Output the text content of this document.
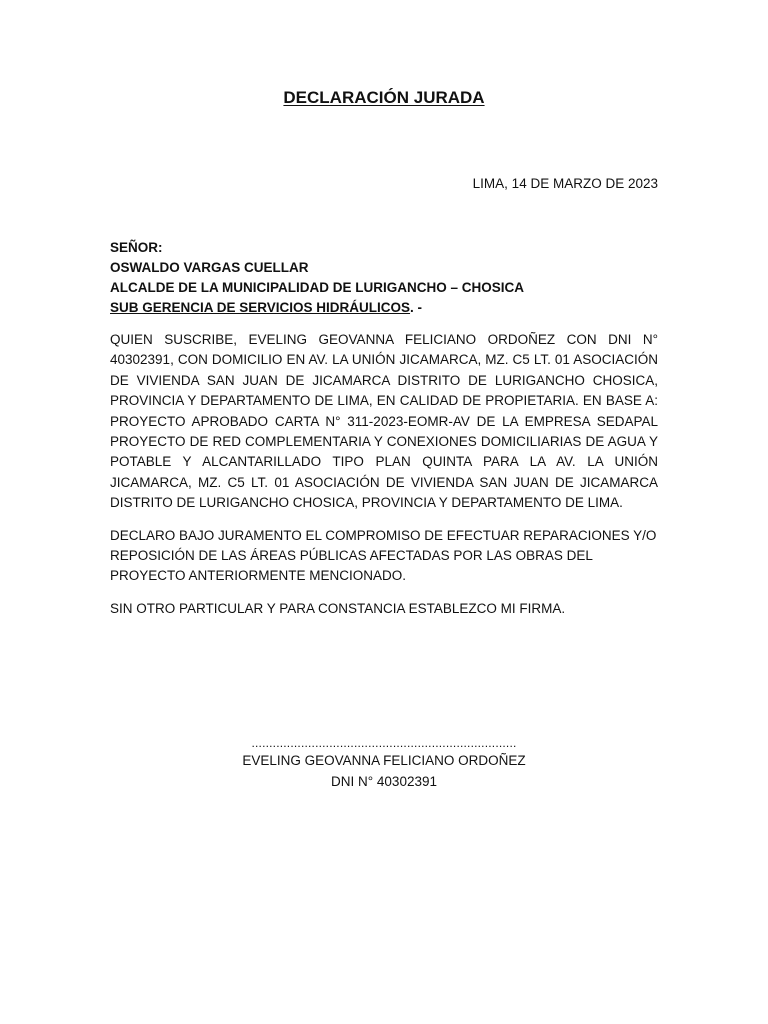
DECLARACIÓN JURADA
LIMA, 14 DE MARZO DE 2023
SEÑOR:
OSWALDO VARGAS CUELLAR
ALCALDE DE LA MUNICIPALIDAD DE LURIGANCHO – CHOSICA
SUB GERENCIA DE SERVICIOS HIDRÁULICOS. -

QUIEN SUSCRIBE, EVELING GEOVANNA FELICIANO ORDOÑEZ CON DNI N° 40302391, CON DOMICILIO EN AV. LA UNIÓN JICAMARCA, MZ. C5 LT. 01 ASOCIACIÓN DE VIVIENDA SAN JUAN DE JICAMARCA DISTRITO DE LURIGANCHO CHOSICA, PROVINCIA Y DEPARTAMENTO DE LIMA, EN CALIDAD DE PROPIETARIA. EN BASE A: PROYECTO APROBADO CARTA N° 311-2023-EOMR-AV DE LA EMPRESA SEDAPAL PROYECTO DE RED COMPLEMENTARIA Y CONEXIONES DOMICILIARIAS DE AGUA Y POTABLE Y ALCANTARILLADO TIPO PLAN QUINTA PARA LA AV. LA UNIÓN JICAMARCA, MZ. C5 LT. 01 ASOCIACIÓN DE VIVIENDA SAN JUAN DE JICAMARCA DISTRITO DE LURIGANCHO CHOSICA, PROVINCIA Y DEPARTAMENTO DE LIMA.

DECLARO BAJO JURAMENTO EL COMPROMISO DE EFECTUAR REPARACIONES Y/O REPOSICIÓN DE LAS ÁREAS PÚBLICAS AFECTADAS POR LAS OBRAS DEL PROYECTO ANTERIORMENTE MENCIONADO.

SIN OTRO PARTICULAR Y PARA CONSTANCIA ESTABLEZCO MI FIRMA.

...........................................................................
EVELING GEOVANNA FELICIANO ORDOÑEZ
DNI N° 40302391
